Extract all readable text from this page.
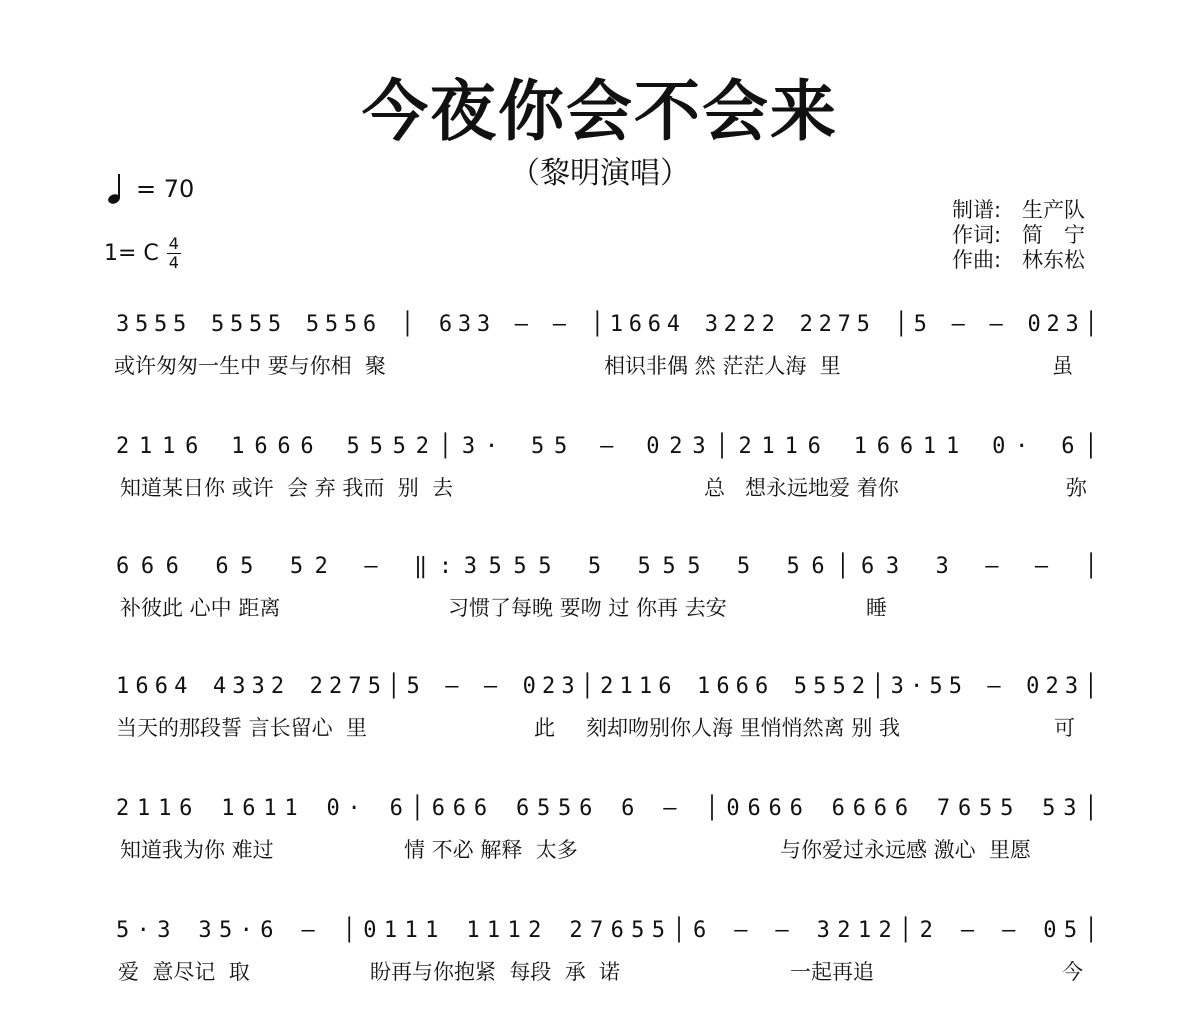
今夜你会不会来
（黎明演唱）
= 70
1= C 4
4
制谱: 生产队
作词: 简　宁
作曲: 林东松
3555 5555 5556 │ 633 — — │1664 3222 2275 │5 — — 023│
或许匆匆一生中 要与你相  聚	相识非偶 然 茫茫人海  里	虽
2116 1666 5552│3· 55 — 023│2116 16611 0· 6│
知道某日你 或许  会 弃 我而  别  去	总   想永远地爱 着你	弥
666 65 52 — ‖:3555 5 555 5 56│63 3 — — │
补彼此 心中 距离	习惯了每晚 要吻 过 你再 去安	睡
1664 4332 2275│5 — — 023│2116 1666 5552│3·55 — 023│
当天的那段誓 言长留心  里	此 刻却吻别你人海 里悄悄然离 别 我	可
2116 1611 0· 6│666 6556 6 — │0666 6666 7655 53│
知道我为你 难过	情 不必 解释  太多	与你爱过永远感 激心  里愿
5·3 35·6 — │0111 1112 27655│6 — — 3212│2 — — 05│
爱  意尽记  取	盼再与你抱紧  每段  承  诺	一起再追	今
